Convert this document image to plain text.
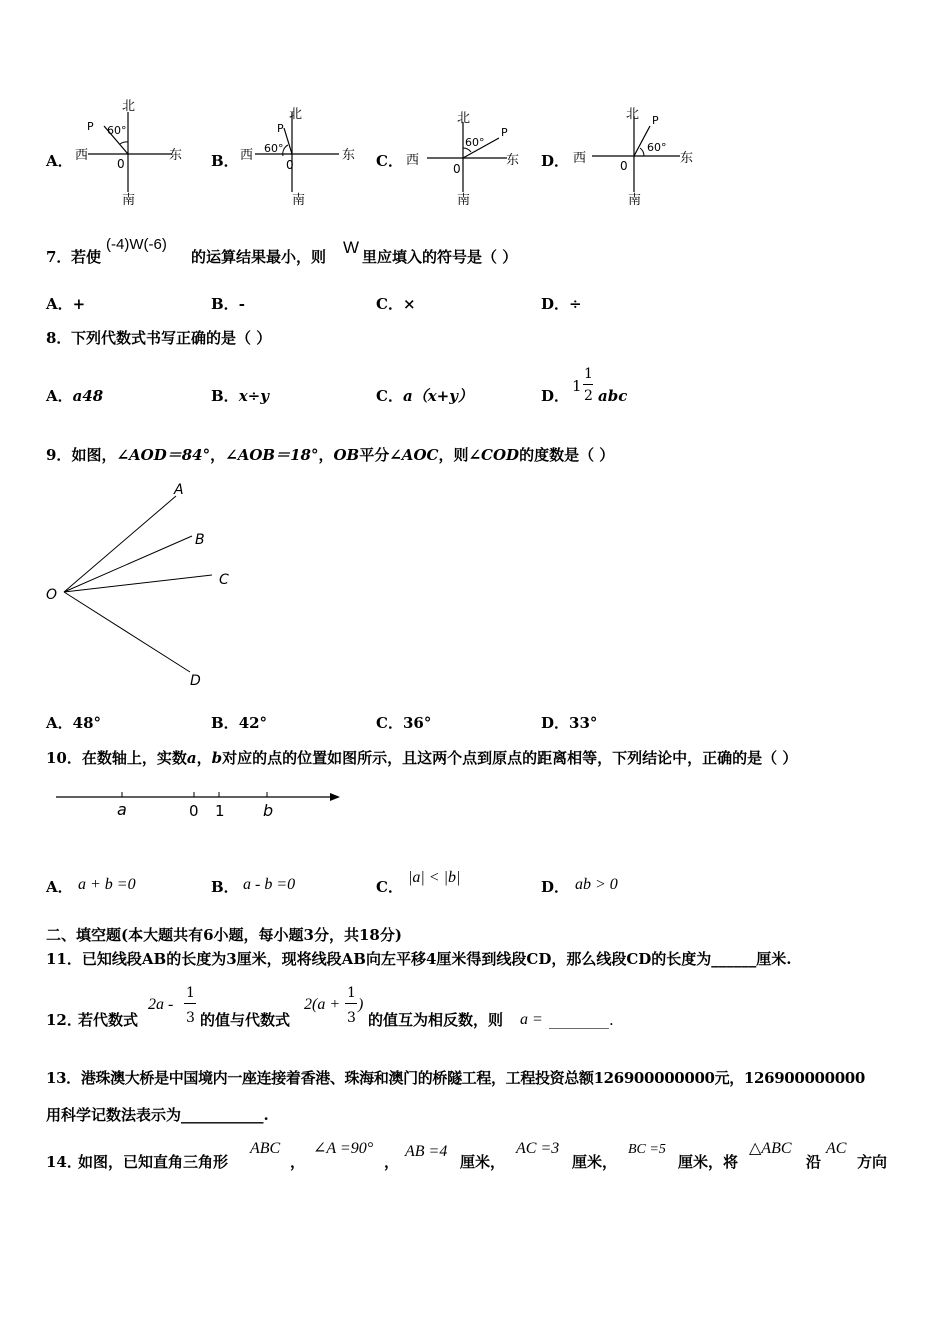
A．	B．	C．	D．
北
南
西	东
0
P 60°
北
南
西	东
0
P
60°
北
南
西	东
0
P
60°
北
南
西	东
0
P
60°
7． 若使
(-4)W(-6)
的运算结果最小，则 W 里应填入的符号是（ ）
A．+	B．-	C．×	D．÷
8． 下列代数式书写正确的是（ ）
A．a48	B．x÷y	C．a（x+y）	D．
1
1
2 abc
9．如图，∠AOD＝84°，∠AOB＝18°，OB平分∠AOC，则∠COD的度数是（ ）
O
A
B
C
D
A．48°	B．42°	C．36°	D．33°
10．在数轴上，实数a，b对应的点的位置如图所示，且这两个点到原点的距离相等，下列结论中，正确的是（ ）
a	0 1 b
A． a + b =0	B． a - b =0	C．
|a| < |b|
D． ab > 0
二、填空题(本大题共有6小题，每小题3分，共18分)
11．已知线段AB的长度为3厘米，现将线段AB向左平移4厘米得到线段CD，那么线段CD的长度为______厘米.
12．
若代数式
2a -
1
3 的值与代数式
2(a +
1
3
)
的值互为相反数，则 a = ________.
13．港珠澳大桥是中国境内一座连接着香港、珠海和澳门的桥隧工程，工程投资总额126900000000元，126900000000
用科学记数法表示为___________.
14．
如图，已知直角三角形
ABC
，
∠A =90°
，
AB =4
厘米，
AC =3
厘米，
BC =5
厘米，将
△ABC
沿
AC
方向
